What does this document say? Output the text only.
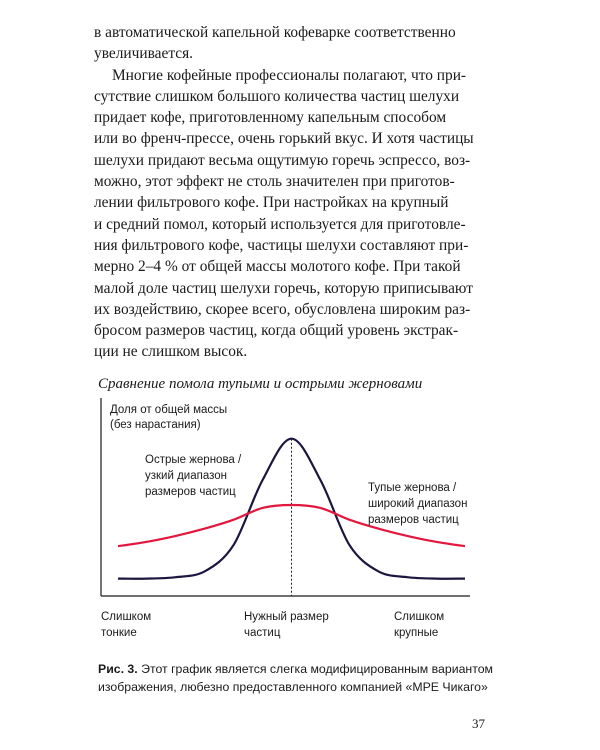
в автоматической капельной кофеварке соответственно
увеличивается.
Многие кофейные профессионалы полагают, что при-
сутствие слишком большого количества частиц шелухи
придает кофе, приготовленному капельным способом
или во френч-прессе, очень горький вкус. И хотя частицы
шелухи придают весьма ощутимую горечь эспрессо, воз-
можно, этот эффект не столь значителен при приготов-
лении фильтрового кофе. При настройках на крупный
и средний помол, который используется для приготовле-
ния фильтрового кофе, частицы шелухи составляют при-
мерно 2–4 % от общей массы молотого кофе. При такой
малой доле частиц шелухи горечь, которую приписывают
их воздействию, скорее всего, обусловлена широким раз-
бросом размеров частиц, когда общий уровень экстрак-
ции не слишком высок.
Сравнение помола тупыми и острыми жерновами
Доля от общей массы
(без нарастания)
Острые жернова /
узкий диапазон
размеров частиц	Тупые жернова /
широкий диапазон
размеров частиц
Слишком
тонкие
Нужный размер
частиц
Слишком
крупные
Рис. 3. Этот график является слегка модифицированным вариантом
изображения, любезно предоставленного компанией «MPE Чикаго»
37
